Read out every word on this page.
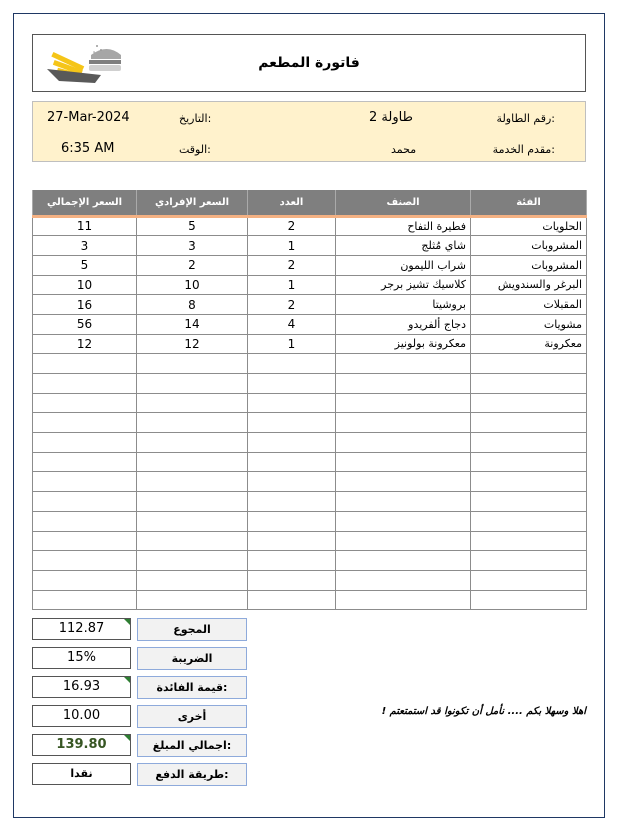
فاتورة المطعم
رقم الطاولة:
طاولة 2
التاريخ:
27-Mar-2024
مقدم الخدمة:
محمد
الوقت:
6:35 AM
السعر الإجمالي	السعر الإفرادي	العدد	الصنف	الفئة
11	5	2	فطيرة التفاح	الحلويات
3	3	1	شاي مُثلج	المشروبات
5	2	2	شراب الليمون	المشروبات
10	10	1	كلاسيك تشيز برجر	البرغر والسندويش
16	8	2	بروشيتا	المقبلات
56	14	4	دجاج ألفريدو	مشويات
12	12	1	معكرونة بولونيز	معكرونة

112.87	المجوع
15%	الضريبة
16.93	قيمة الفائدة:
10.00	أخرى
139.80	اجمالي المبلغ:
نقدا	طريقة الدفع:
اهلا وسهلا بكم .... نأمل أن تكونوا قد استمتعتم !
